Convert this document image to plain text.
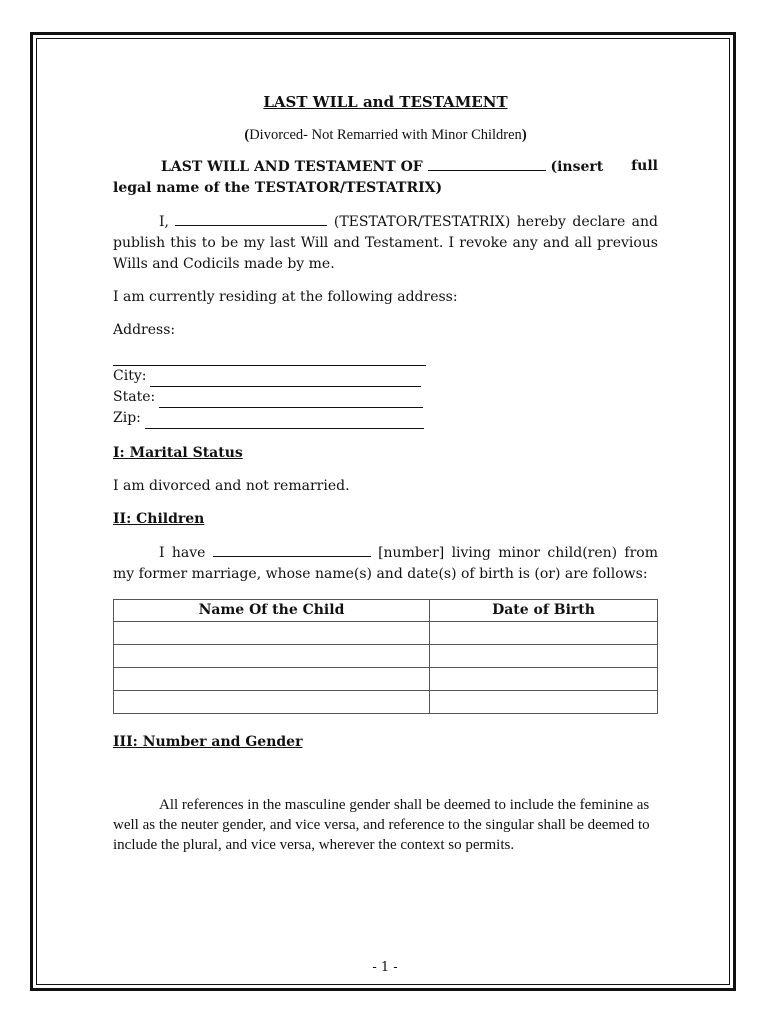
LAST WILL and TESTAMENT

(Divorced- Not Remarried with Minor Children)

LAST WILL AND TESTAMENT OF	(insert full
legal name of the TESTATOR/TESTATRIX)

I,	(TESTATOR/TESTATRIX) hereby declare and publish this to be my last Will and Testament. I revoke any and all previous Wills and Codicils made by me.

I am currently residing at the following address:

Address:

City:
State:
Zip:

I: Marital Status

I am divorced and not remarried.

II: Children

I have	[number] living minor child(ren) from my former marriage, whose name(s) and date(s) of birth is (or) are follows:

Name Of the Child	Date of Birth

III: Number and Gender

All references in the masculine gender shall be deemed to include the feminine as well as the neuter gender, and vice versa, and reference to the singular shall be deemed to include the plural, and vice versa, wherever the context so permits.

- 1 -
